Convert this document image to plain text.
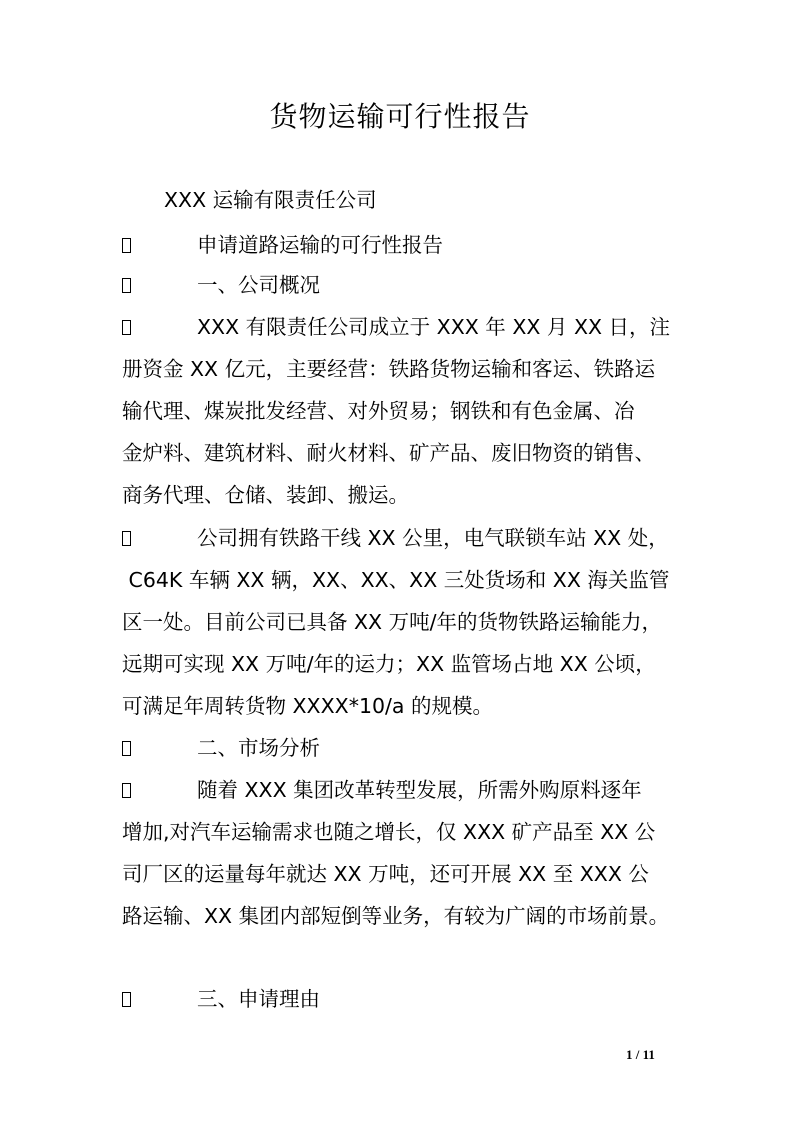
货物运输可行性报告
XXX 运输有限责任公司
申请道路运输的可行性报告
一、公司概况
XXX 有限责任公司成立于 XXX 年 XX 月 XX 日，注
册资金 XX 亿元，主要经营：铁路货物运输和客运、铁路运
输代理、煤炭批发经营、对外贸易；钢铁和有色金属、冶
金炉料、建筑材料、耐火材料、矿产品、废旧物资的销售、
商务代理、仓储、装卸、搬运。
公司拥有铁路干线 XX 公里，电气联锁车站 XX 处，
C64K 车辆 XX 辆，XX、XX、XX 三处货场和 XX 海关监管
区一处。目前公司已具备 XX 万吨/年的货物铁路运输能力，
远期可实现 XX 万吨/年的运力；XX 监管场占地 XX 公顷，
可满足年周转货物 XXXX*10/a 的规模。
二、市场分析
随着 XXX 集团改革转型发展，所需外购原料逐年
增加,对汽车运输需求也随之增长，仅 XXX 矿产品至 XX 公
司厂区的运量每年就达 XX 万吨，还可开展 XX 至 XXX 公
路运输、XX 集团内部短倒等业务，有较为广阔的市场前景。
三、申请理由
1 / 11
